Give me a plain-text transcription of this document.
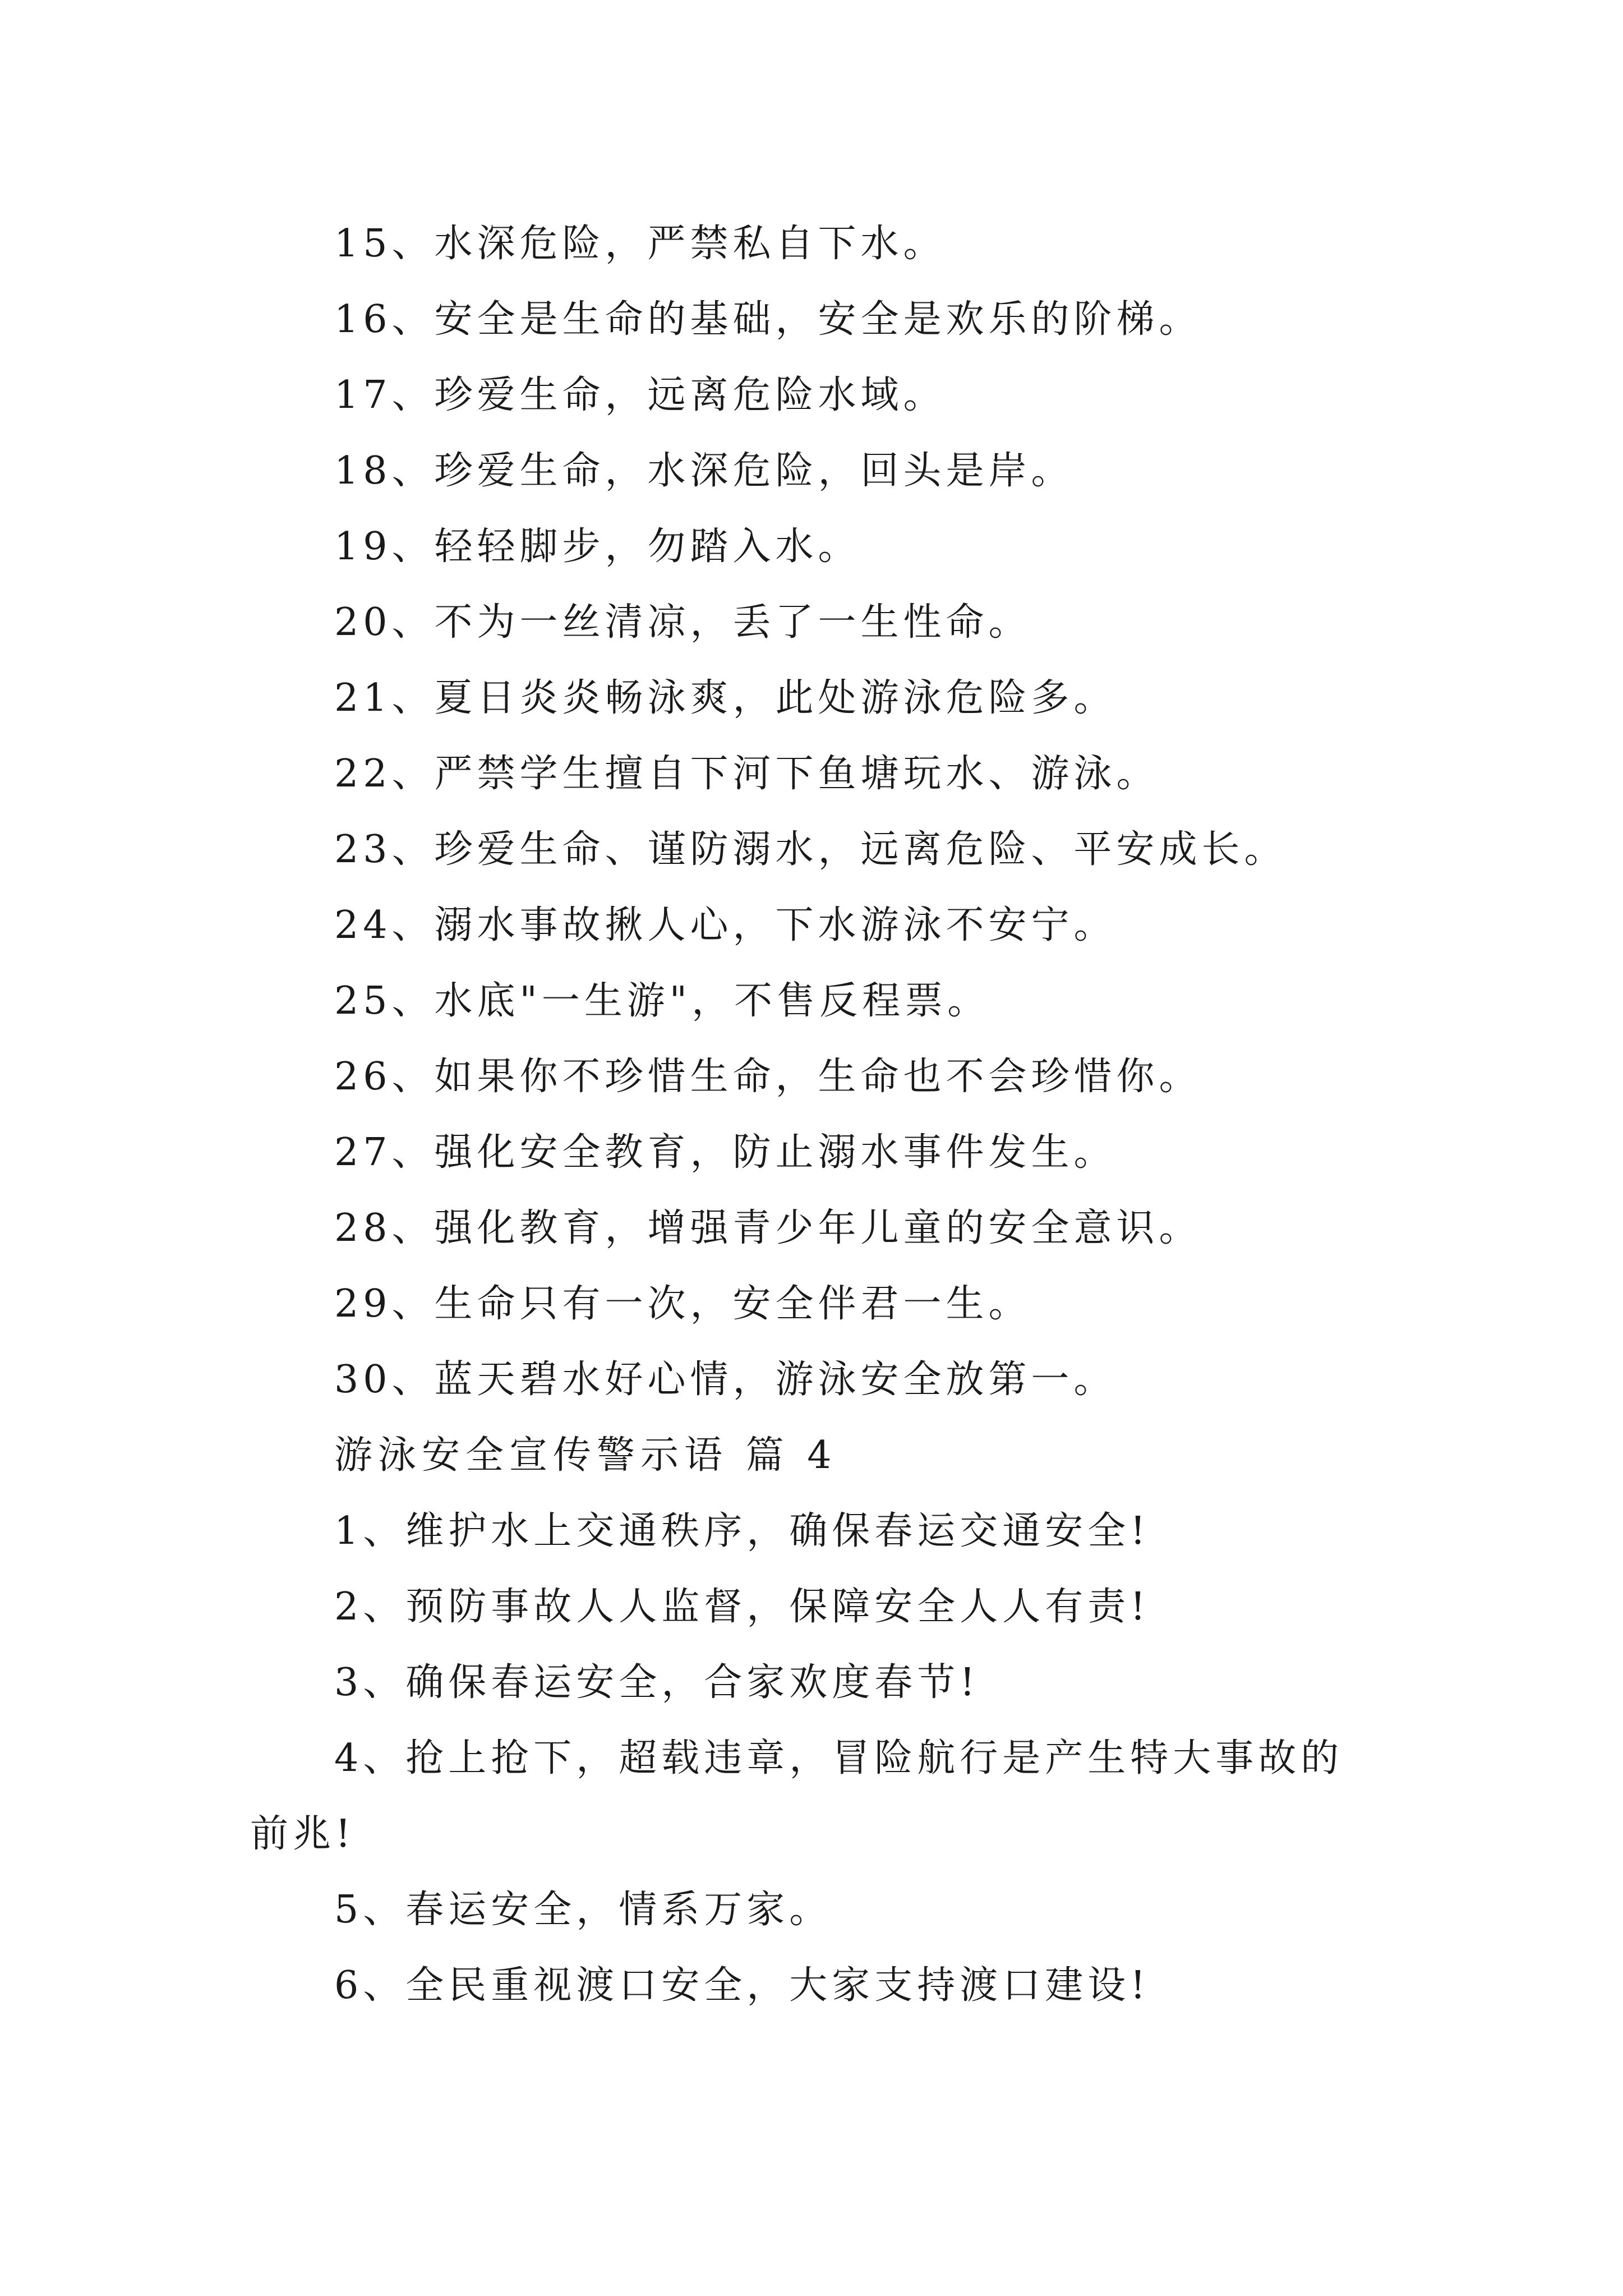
15、水深危险，严禁私自下水。
16、安全是生命的基础，安全是欢乐的阶梯。
17、珍爱生命，远离危险水域。
18、珍爱生命，水深危险，回头是岸。
19、轻轻脚步，勿踏入水。
20、不为一丝清凉，丢了一生性命。
21、夏日炎炎畅泳爽，此处游泳危险多。
22、严禁学生擅自下河下鱼塘玩水、游泳。
23、珍爱生命、谨防溺水，远离危险、平安成长。
24、溺水事故揪人心，下水游泳不安宁。
25、水底"一生游"，不售反程票。
26、如果你不珍惜生命，生命也不会珍惜你。
27、强化安全教育，防止溺水事件发生。
28、强化教育，增强青少年儿童的安全意识。
29、生命只有一次，安全伴君一生。
30、蓝天碧水好心情，游泳安全放第一。
游泳安全宣传警示语 篇 4
1、维护水上交通秩序，确保春运交通安全!
2、预防事故人人监督，保障安全人人有责!
3、确保春运安全，合家欢度春节!
4、抢上抢下，超载违章，冒险航行是产生特大事故的
前兆!
5、春运安全，情系万家。
6、全民重视渡口安全，大家支持渡口建设!
